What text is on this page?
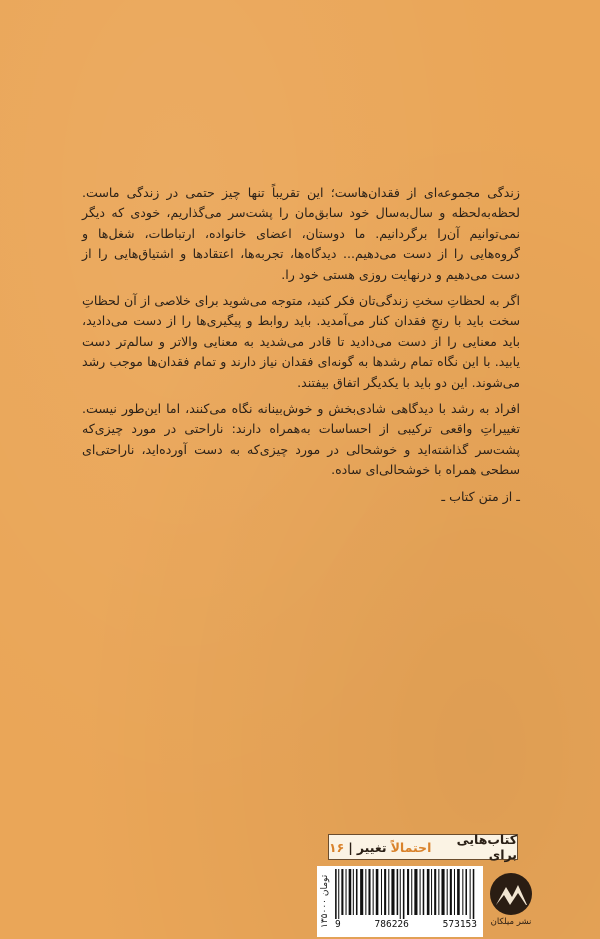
زندگی مجموعه‌ای از فقدان‌هاست؛ این تقریباً تنها چیز حتمی در زندگی ماست. لحظه‌به‌لحظه و سال‌به‌سال خود سابق‌مان را پشت‌سر می‌گذاریم، خودی که دیگر نمی‌توانیم آن‌را برگردانیم. ما دوستان، اعضای خانواده، ارتباطات، شغل‌ها و گروه‌هایی را از دست می‌دهیم... دیدگاه‌ها، تجربه‌ها، اعتقادها و اشتیاق‌هایی را از دست می‌دهیم و درنهایت روزی هستی خود را.

اگر به لحظاتِ سختِ زندگی‌تان فکر کنید، متوجه می‌شوید برای خلاصی از آن لحظاتِ سخت باید با رنجِ فقدان کنار می‌آمدید. باید روابط و پیگیری‌ها را از دست می‌دادید، باید معنایی را از دست می‌دادید تا قادر می‌شدید به معنایی والاتر و سالم‌تر دست یابید. با این نگاه تمام رشدها به گونه‌ای فقدان نیاز دارند و تمام فقدان‌ها موجب رشد می‌شوند. این دو باید با یکدیگر اتفاق بیفتند.

افراد به رشد با دیدگاهی شادی‌بخش و خوش‌بینانه نگاه می‌کنند، اما این‌طور نیست. تغییراتِ واقعی ترکیبی از احساسات به‌همراه دارند: ناراحتی در مورد چیزی‌که پشت‌سر گذاشته‌اید و خوشحالی در مورد چیزی‌که به دست آورده‌اید، ناراحتی‌ای سطحی همراه با خوشحالی‌ای ساده.

ـ از متن کتاب ـ
کتاب‌هایی برای
احتمالاً
تغییر
|
۱۶
۱۳۵۰۰۰ تومان
9	786226	573153	نشر میلکان
